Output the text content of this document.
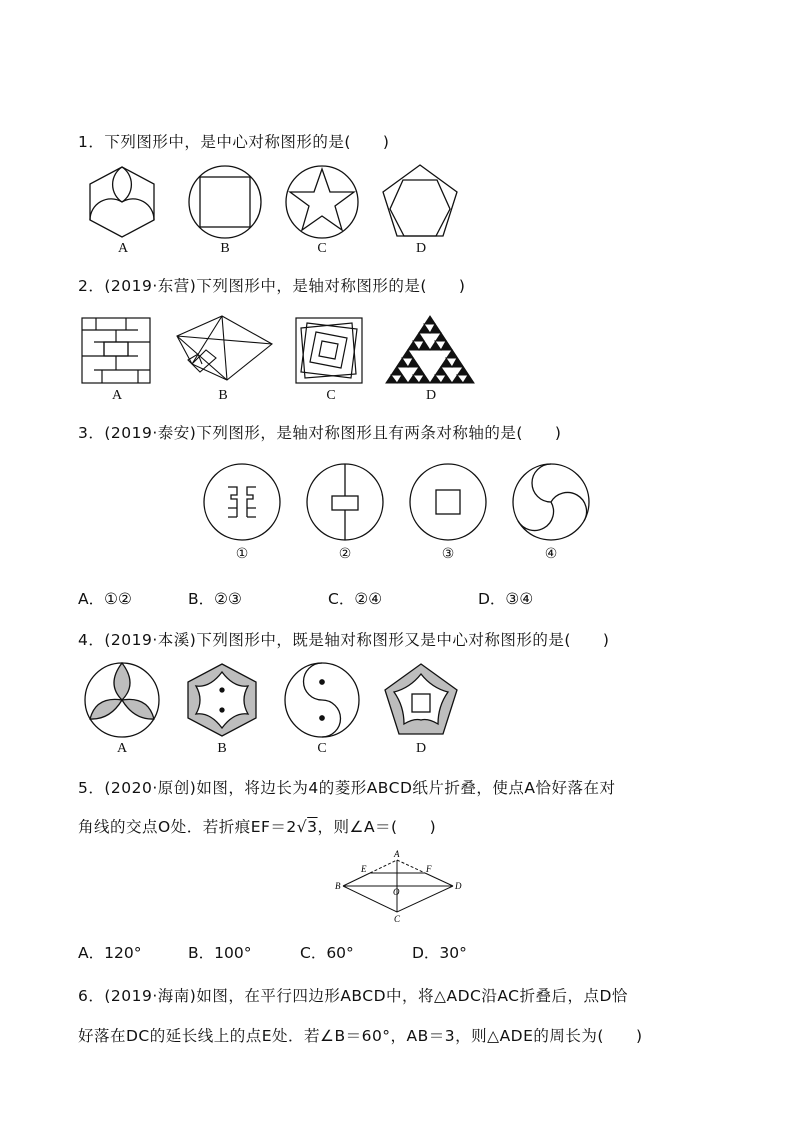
1．下列图形中，是中心对称图形的是(　　)
A	B	C	D
2．(2019·东营)下列图形中，是轴对称图形的是(　　)
A	B	C	D
3．(2019·泰安)下列图形，是轴对称图形且有两条对称轴的是(　　)
①	②	③	④
A．①②	B．②③	C．②④	D．③④
4．(2019·本溪)下列图形中，既是轴对称图形又是中心对称图形的是(　　)
A	B	C	D
5．(2020·原创)如图，将边长为4的菱形ABCD纸片折叠，使点A恰好落在对
角线的交点O处．若折痕EF＝2√3，则∠A＝(　　)
A
B
C
D
E	F
O
A．120°	B．100°	C．60°	D．30°
6．(2019·海南)如图，在平行四边形ABCD中，将△ADC沿AC折叠后，点D恰
好落在DC的延长线上的点E处．若∠B＝60°，AB＝3，则△ADE的周长为(　　)
